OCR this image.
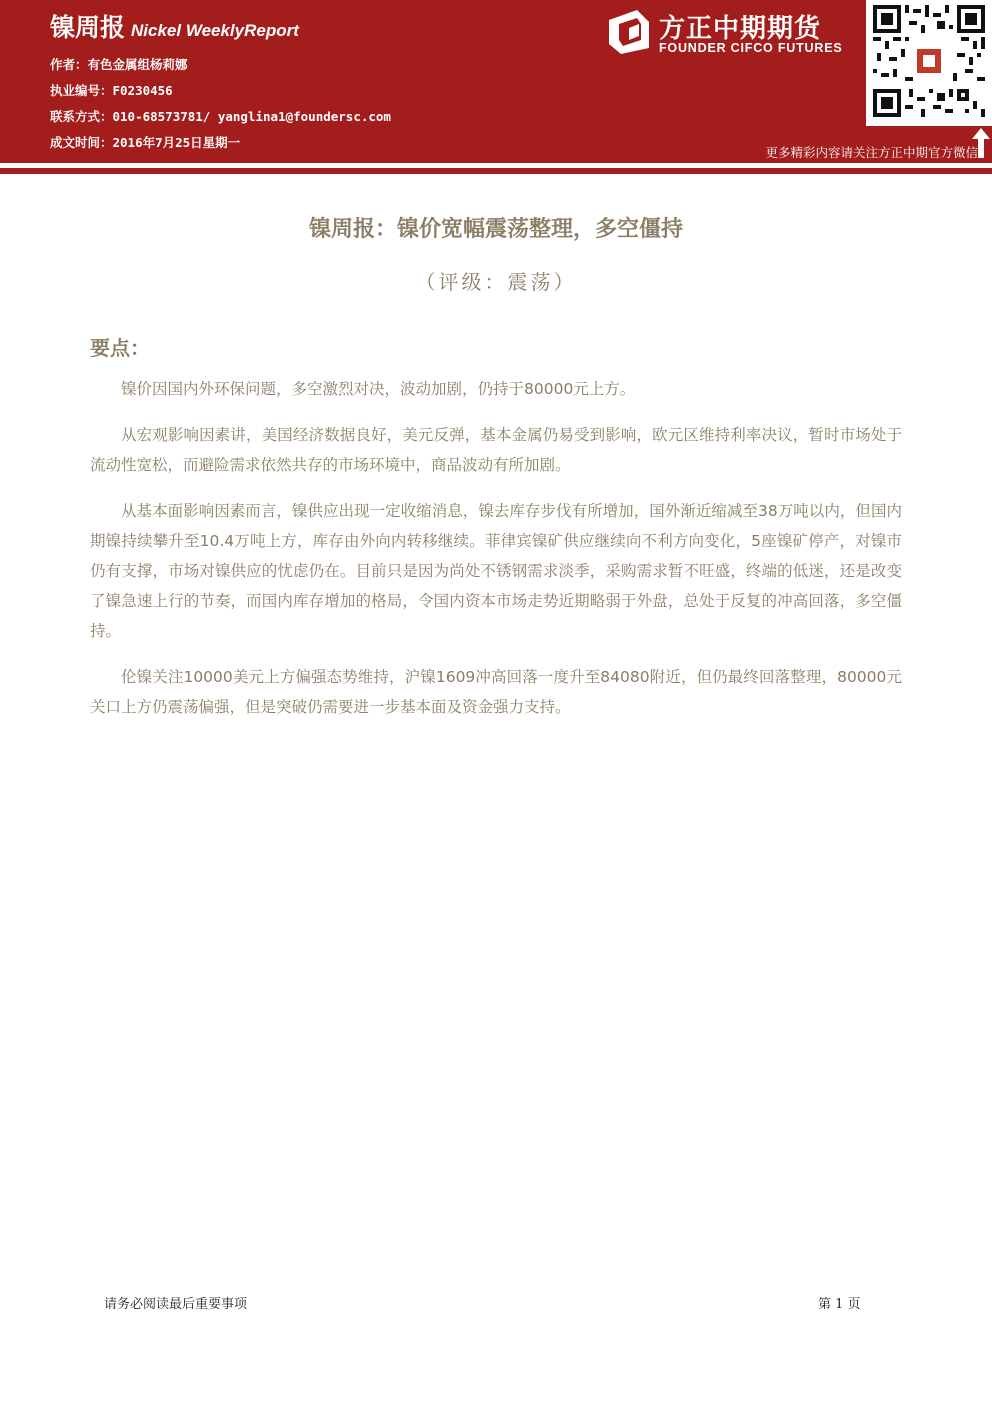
镍周报 Nickel WeeklyReport
作者：有色金属组杨莉娜
执业编号：F0230456
联系方式：010-68573781/ yanglina1@foundersc.com
成文时间：2016年7月25日星期一
方正中期期货
FOUNDER CIFCO FUTURES
更多精彩内容请关注方正中期官方微信
镍周报：镍价宽幅震荡整理，多空僵持
（评级：震荡）
要点：

镍价因国内外环保问题，多空激烈对决，波动加剧，仍持于80000元上方。

从宏观影响因素讲，美国经济数据良好，美元反弹，基本金属仍易受到影响，欧元区维持利率决议，暂时市场处于流动性宽松，而避险需求依然共存的市场环境中，商品波动有所加剧。

从基本面影响因素而言，镍供应出现一定收缩消息，镍去库存步伐有所增加，国外渐近缩减至38万吨以内，但国内期镍持续攀升至10.4万吨上方，库存由外向内转移继续。菲律宾镍矿供应继续向不利方向变化，5座镍矿停产，对镍市仍有支撑，市场对镍供应的忧虑仍在。目前只是因为尚处不锈钢需求淡季，采购需求暂不旺盛，终端的低迷，还是改变了镍急速上行的节奏，而国内库存增加的格局，令国内资本市场走势近期略弱于外盘，总处于反复的冲高回落，多空僵持。

伦镍关注10000美元上方偏强态势维持，沪镍1609冲高回落一度升至84080附近，但仍最终回落整理，80000元关口上方仍震荡偏强，但是突破仍需要进一步基本面及资金强力支持。

请务必阅读最后重要事项	第 1 页
